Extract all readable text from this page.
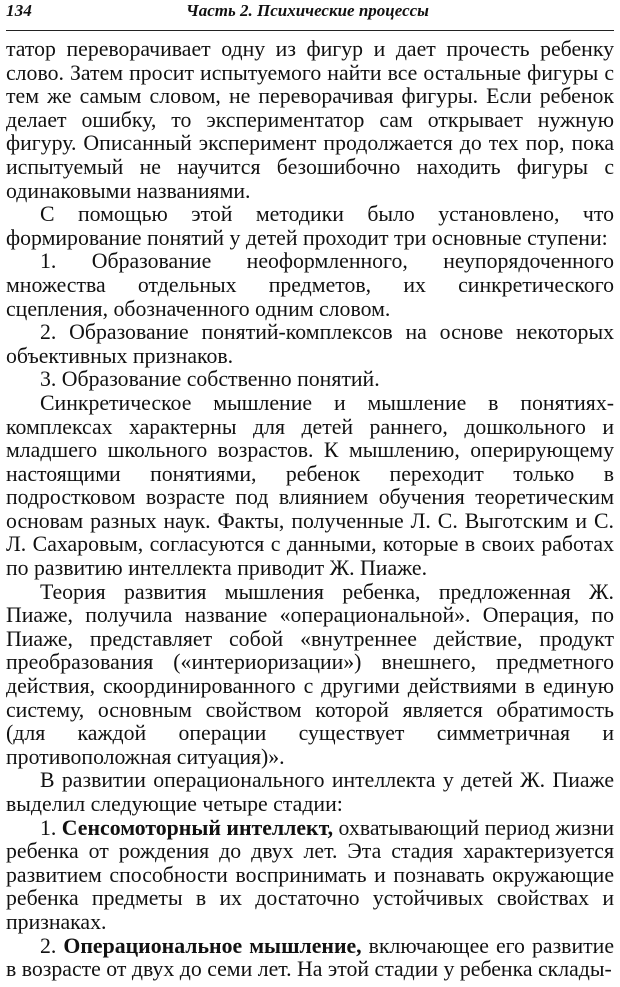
134	Часть 2. Психические процессы

татор переворачивает одну из фигур и дает прочесть ребенку слово. Затем просит испытуемого найти все остальные фигуры с тем же самым словом, не переворачивая фигуры. Если ребенок делает ошибку, то экспериментатор сам открывает нужную фигуру. Описанный эксперимент продолжается до тех пор, пока испытуемый не научится безошибочно находить фигуры с одинаковыми названиями.

С помощью этой методики было установлено, что формирование понятий у детей проходит три основные ступени:

1. Образование неоформленного, неупорядоченного множества отдельных предметов, их синкретического сцепления, обозначенного одним словом.

2. Образование понятий-комплексов на основе некоторых объективных признаков.

3. Образование собственно понятий.

Синкретическое мышление и мышление в понятиях-комплексах характерны для детей раннего, дошкольного и младшего школьного возрастов. К мышлению, оперирующему настоящими понятиями, ребенок переходит только в подростковом возрасте под влиянием обучения теоретическим основам разных наук. Факты, полученные Л. С. Выготским и С. Л. Сахаровым, согласуются с данными, которые в своих работах по развитию интеллекта приводит Ж. Пиаже.

Теория развития мышления ребенка, предложенная Ж. Пиаже, получила название «операциональной». Операция, по Пиаже, представляет собой «внутреннее действие, продукт преобразования («интериоризации») внешнего, предметного действия, скоординированного с другими действиями в единую систему, основным свойством которой является обратимость (для каждой операции существует симметричная и противоположная ситуация)».

В развитии операционального интеллекта у детей Ж. Пиаже выделил следующие четыре стадии:

1. Сенсомоторный интеллект, охватывающий период жизни ребенка от рождения до двух лет. Эта стадия характеризуется развитием способности воспринимать и познавать окружающие ребенка предметы в их достаточно устойчивых свойствах и признаках.

2. Операциональное мышление, включающее его развитие в возрасте от двух до семи лет. На этой стадии у ребенка склады-
